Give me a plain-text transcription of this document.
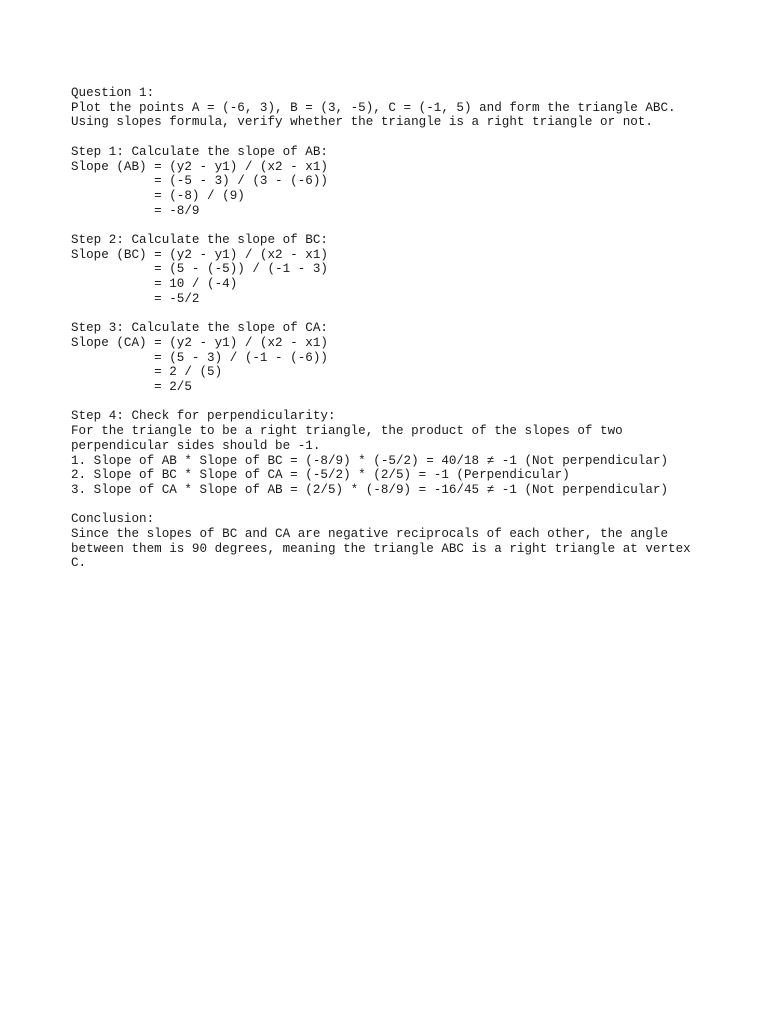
Question 1:
Plot the points A = (-6, 3), B = (3, -5), C = (-1, 5) and form the triangle ABC.
Using slopes formula, verify whether the triangle is a right triangle or not.
Step 1: Calculate the slope of AB:
Slope (AB) = (y2 - y1) / (x2 - x1)
= (-5 - 3) / (3 - (-6))
= (-8) / (9)
= -8/9
Step 2: Calculate the slope of BC:
Slope (BC) = (y2 - y1) / (x2 - x1)
= (5 - (-5)) / (-1 - 3)
= 10 / (-4)
= -5/2
Step 3: Calculate the slope of CA:
Slope (CA) = (y2 - y1) / (x2 - x1)
= (5 - 3) / (-1 - (-6))
= 2 / (5)
= 2/5
Step 4: Check for perpendicularity:
For the triangle to be a right triangle, the product of the slopes of two
perpendicular sides should be -1.
1. Slope of AB * Slope of BC = (-8/9) * (-5/2) = 40/18 ≠ -1 (Not perpendicular)
2. Slope of BC * Slope of CA = (-5/2) * (2/5) = -1 (Perpendicular)
3. Slope of CA * Slope of AB = (2/5) * (-8/9) = -16/45 ≠ -1 (Not perpendicular)
Conclusion:
Since the slopes of BC and CA are negative reciprocals of each other, the angle
between them is 90 degrees, meaning the triangle ABC is a right triangle at vertex
C.
